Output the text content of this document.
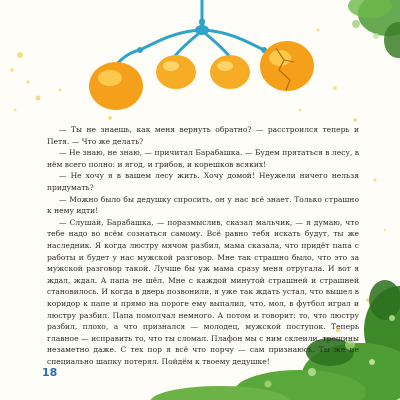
— Ты не знаешь, как меня вернуть обратно? — расстроился теперь и Петя. — Что же делать?

— Не знаю, не знаю, — причитал Барабашка. — Будем прятаться в лесу, в нём всего полно: и ягод, и грибов, и корешков всяких!

— Не хочу я в вашем лесу жить. Хочу домой! Неужели ничего нельзя придумать?

— Можно было бы дедушку спросить, он у нас всё знает. Только страшно к нему идти!

— Слушай, Барабашка, — поразмыслив, сказал мальчик, — я думаю, что тебе надо во всём сознаться самому. Всё равно тебя искать будут, ты же наследник. Я когда люстру мячом разбил, мама сказала, что придёт папа с работы и будет у нас мужской разговор. Мне так страшно было, что это за мужской разговор такой. Лучше бы уж мама сразу меня отругала. И вот я ждал, ждал. А папа не шёл. Мне с каждой минутой страшней и страшней становилось. И когда в дверь позвонили, я уже так ждать устал, что вышел в коридор к папе и прямо на пороге ему выпалил, что, мол, в футбол играл и люстру разбил. Папа помолчал немного. А потом и говорит: то, что люстру разбил, плохо, а что признался — молодец, мужской поступок. Теперь главное — исправить то, что ты сломал. Плафон мы с ним склеили, трещины незаметно даже. С тех пор я всё что порчу — сам признаюсь. Ты же не специально шапку потерял. Пойдём к твоему дедушке!

18
